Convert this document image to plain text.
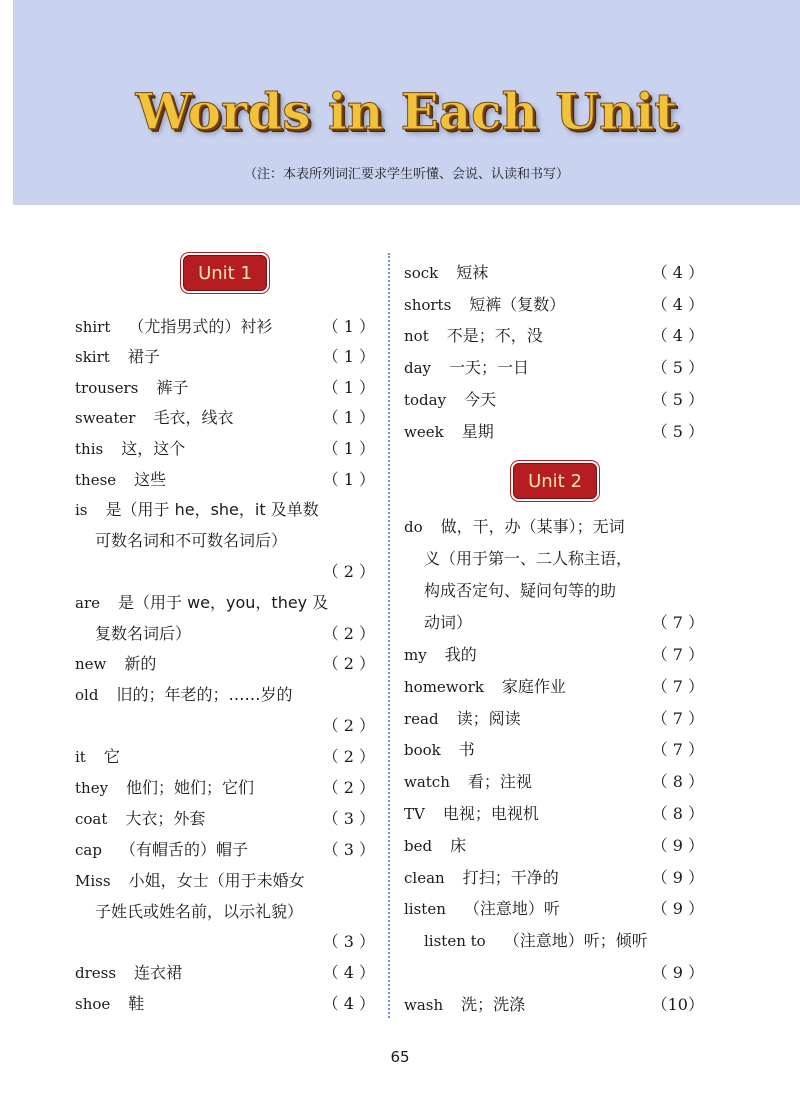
Words in Each Unit
（注：本表所列词汇要求学生听懂、会说、认读和书写）
Unit 1
shirt （尤指男式的）衬衫	（ 1 ）
skirt 裙子	（ 1 ）
trousers 裤子	（ 1 ）
sweater 毛衣，线衣	（ 1 ）
this 这，这个	（ 1 ）
these 这些	（ 1 ）
is 是（用于 he，she，it 及单数
可数名词和不可数名词后）
（ 2 ）
are 是（用于 we，you，they 及
复数名词后）	（ 2 ）
new 新的	（ 2 ）
old 旧的；年老的；……岁的
（ 2 ）
it 它	（ 2 ）
they 他们；她们；它们	（ 2 ）
coat 大衣；外套	（ 3 ）
cap （有帽舌的）帽子	（ 3 ）
Miss 小姐，女士（用于未婚女
子姓氏或姓名前，以示礼貌）
（ 3 ）
dress 连衣裙	（ 4 ）
shoe 鞋	（ 4 ）
sock 短袜	（ 4 ）
shorts 短裤（复数）	（ 4 ）
not 不是；不，没	（ 4 ）
day 一天；一日	（ 5 ）
today 今天	（ 5 ）
week 星期	（ 5 ）
Unit 2
do 做，干，办（某事）；无词
义（用于第一、二人称主语，
构成否定句、疑问句等的助
动词）	（ 7 ）
my 我的	（ 7 ）
homework 家庭作业	（ 7 ）
read 读；阅读	（ 7 ）
book 书	（ 7 ）
watch 看；注视	（ 8 ）
TV 电视；电视机	（ 8 ）
bed 床	（ 9 ）
clean 打扫；干净的	（ 9 ）
listen （注意地）听	（ 9 ）
listen to （注意地）听；倾听
（ 9 ）
wash 洗；洗涤	（10）
65
